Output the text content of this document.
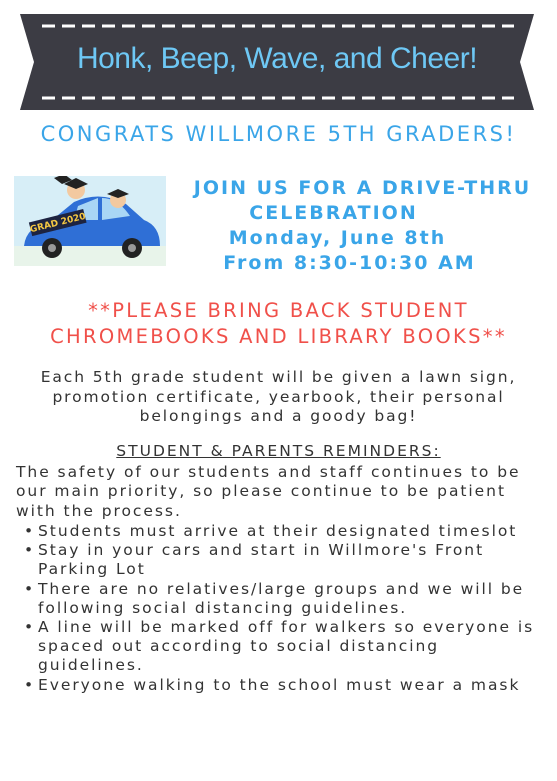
Honk, Beep, Wave, and Cheer!
CONGRATS WILLMORE 5TH GRADERS!
GRAD 2020
JOIN US FOR A DRIVE-THRU
CELEBRATION
Monday, June 8th
From 8:30-10:30 AM
**PLEASE BRING BACK STUDENT
CHROMEBOOKS AND LIBRARY BOOKS**
Each 5th grade student will be given a lawn sign, promotion certificate, yearbook, their personal belongings and a goody bag!
STUDENT & PARENTS REMINDERS:
The safety of our students and staff continues to be our main priority, so please continue to be patient with the process.
• Students must arrive at their designated timeslot
• Stay in your cars and start in Willmore's Front Parking Lot
• There are no relatives/large groups and we will be following social distancing guidelines.
• A line will be marked off for walkers so everyone is spaced out according to social distancing guidelines.
• Everyone walking to the school must wear a mask
